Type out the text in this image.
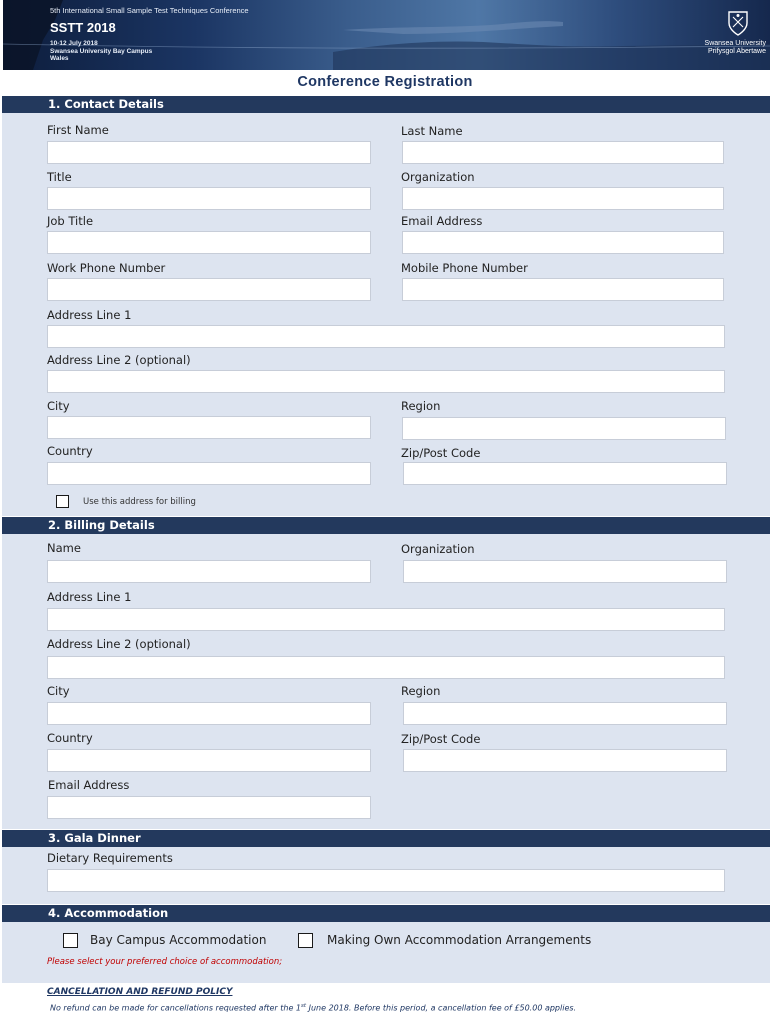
5th International Small Sample Test Techniques Conference
SSTT 2018
10-12 July 2018
Swansea University Bay Campus
Wales
Swansea University
Prifysgol Abertawe
Conference Registration
1. Contact Details
First Name	Last Name
Title	Organization
Job Title	Email Address
Work Phone Number	Mobile Phone Number
Address Line 1
Address Line 2 (optional)
City	Region
Country	Zip/Post Code
Use this address for billing
2. Billing Details
Name	Organization
Address Line 1
Address Line 2 (optional)
City	Region
Country	Zip/Post Code
Email Address
3. Gala Dinner
Dietary Requirements
4. Accommodation
Bay Campus Accommodation	Making Own Accommodation Arrangements
Please select your preferred choice of accommodation;
CANCELLATION AND REFUND POLICY
No refund can be made for cancellations requested after the 1st June 2018. Before this period, a cancellation fee of £50.00 applies.
